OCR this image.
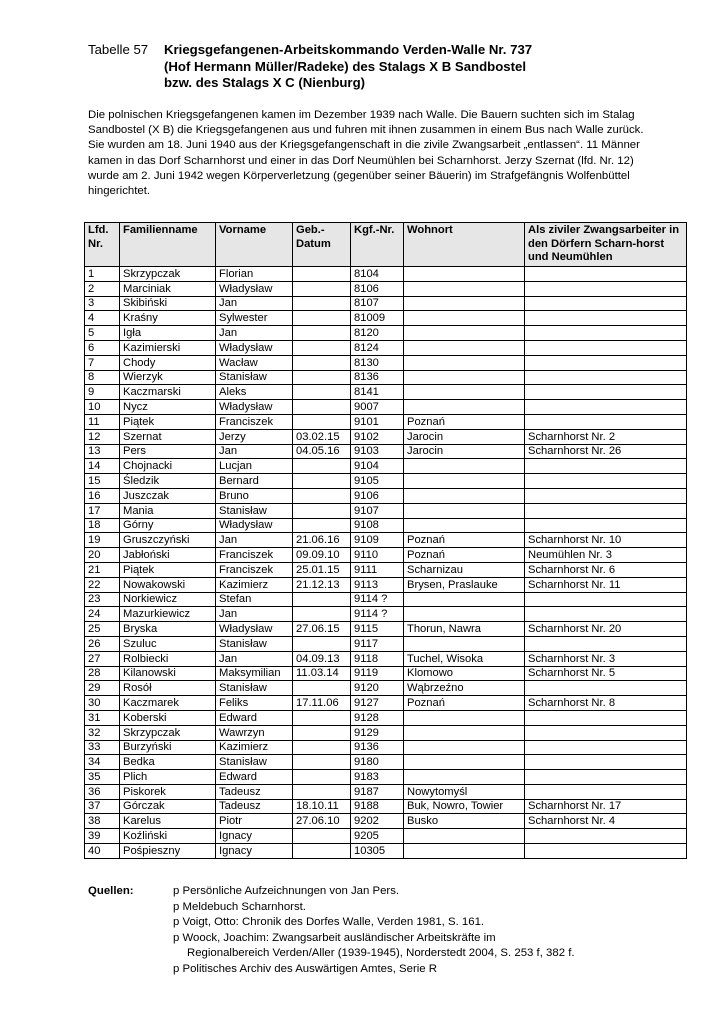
Tabelle 57 Kriegsgefangenen-Arbeitskommando Verden-Walle Nr. 737
(Hof Hermann Müller/Radeke) des Stalags X B Sandbostel
bzw. des Stalags X C (Nienburg)
Die polnischen Kriegsgefangenen kamen im Dezember 1939 nach Walle. Die Bauern suchten sich im Stalag
Sandbostel (X B) die Kriegsgefangenen aus und fuhren mit ihnen zusammen in einem Bus nach Walle zurück.
Sie wurden am 18. Juni 1940 aus der Kriegsgefangenschaft in die zivile Zwangsarbeit „entlassen“. 11 Männer
kamen in das Dorf Scharnhorst und einer in das Dorf Neumühlen bei Scharnhorst. Jerzy Szernat (lfd. Nr. 12)
wurde am 2. Juni 1942 wegen Körperverletzung (gegenüber seiner Bäuerin) im Strafgefängnis Wolfenbüttel
hingerichtet.
Lfd. Nr.	Familienname	Vorname	Geb.-Datum	Kgf.-Nr.	Wohnort	Als ziviler Zwangsarbeiter in den Dörfern Scharn-horst und Neumühlen
1	Skrzypczak	Florian		8104		
2	Marciniak	Władysław		8106		
3	Skibiński	Jan		8107		
4	Kraśny	Sylwester		81009		
5	Igła	Jan		8120		
6	Kazimierski	Władysław		8124		
7	Chody	Wacław		8130		
8	Wierzyk	Stanisław		8136		
9	Kaczmarski	Aleks		8141		
10	Nycz	Władysław		9007		
11	Piątek	Franciszek		9101	Poznań	
12	Szernat	Jerzy	03.02.15	9102	Jarocin	Scharnhorst Nr. 2
13	Pers	Jan	04.05.16	9103	Jarocin	Scharnhorst Nr. 26
14	Chojnacki	Lucjan		9104		
15	Śledzik	Bernard		9105		
16	Juszczak	Bruno		9106		
17	Mania	Stanisław		9107		
18	Górny	Władysław		9108		
19	Gruszczyński	Jan	21.06.16	9109	Poznań	Scharnhorst Nr. 10
20	Jabłoński	Franciszek	09.09.10	9110	Poznań	Neumühlen Nr. 3
21	Piątek	Franciszek	25.01.15	9111	Scharnizau	Scharnhorst Nr. 6
22	Nowakowski	Kazimierz	21.12.13	9113	Brysen, Praslauke	Scharnhorst Nr. 11
23	Norkiewicz	Stefan		9114 ?		
24	Mazurkiewicz	Jan		9114 ?		
25	Bryska	Władysław	27.06.15	9115	Thorun, Nawra	Scharnhorst Nr. 20
26	Szuluc	Stanisław		9117		
27	Rolbiecki	Jan	04.09.13	9118	Tuchel, Wisoka	Scharnhorst Nr. 3
28	Kilanowski	Maksymilian	11.03.14	9119	Klomowo	Scharnhorst Nr. 5
29	Rosół	Stanisław		9120	Wąbrzeźno	
30	Kaczmarek	Feliks	17.11.06	9127	Poznań	Scharnhorst Nr. 8
31	Koberski	Edward		9128		
32	Skrzypczak	Wawrzyn		9129		
33	Burzyński	Kazimierz		9136		
34	Bedka	Stanisław		9180		
35	Plich	Edward		9183		
36	Piskorek	Tadeusz		9187	Nowytomyśl	
37	Górczak	Tadeusz	18.10.11	9188	Buk, Nowro, Towier	Scharnhorst Nr. 17
38	Karelus	Piotr	27.06.10	9202	Busko	Scharnhorst Nr. 4
39	Koźliński	Ignacy		9205		
40	Pośpieszny	Ignacy		10305		
Quellen:	p Persönliche Aufzeichnungen von Jan Pers.
p Meldebuch Scharnhorst.
p Voigt, Otto: Chronik des Dorfes Walle, Verden 1981, S. 161.
p Woock, Joachim: Zwangsarbeit ausländischer Arbeitskräfte im
Regionalbereich Verden/Aller (1939-1945), Norderstedt 2004, S. 253 f, 382 f.
p Politisches Archiv des Auswärtigen Amtes, Serie R
